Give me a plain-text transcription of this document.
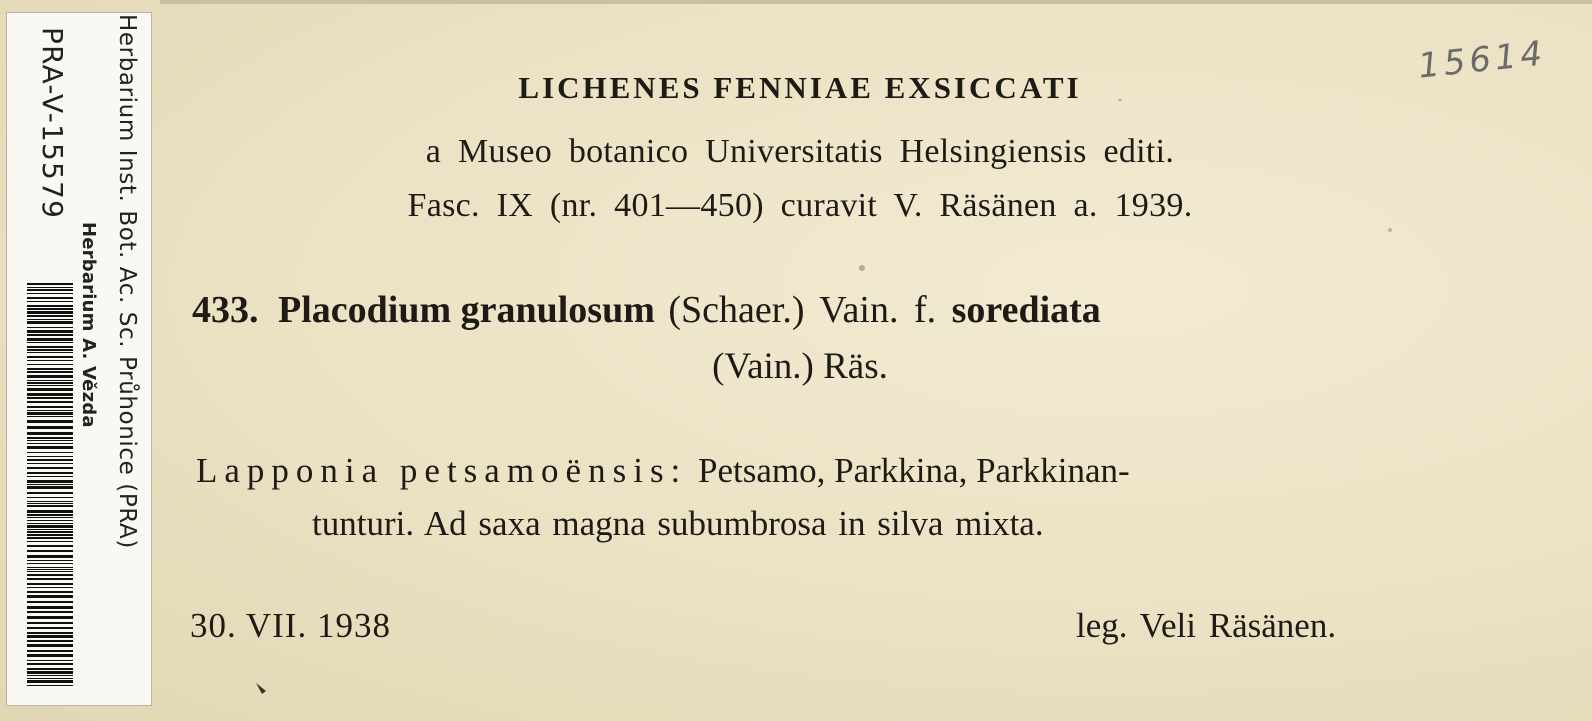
PRA-V-15579 Herbarium Inst. Bot. Ac. Sc. Průhonice (PRA)
Herbarium A. Vězda
15614
LICHENES FENNIAE EXSICCATI
a Museo botanico Universitatis Helsingiensis editi.
Fasc. IX (nr. 401—450) curavit V. Räsänen a. 1939.
433. Placodium granulosum (Schaer.) Vain. f. sorediata
(Vain.) Räs.
Lapponia petsamoënsis: Petsamo, Parkkina, Parkkinan-
tunturi. Ad saxa magna subumbrosa in silva mixta.
30. VII. 1938	leg. Veli Räsänen.
